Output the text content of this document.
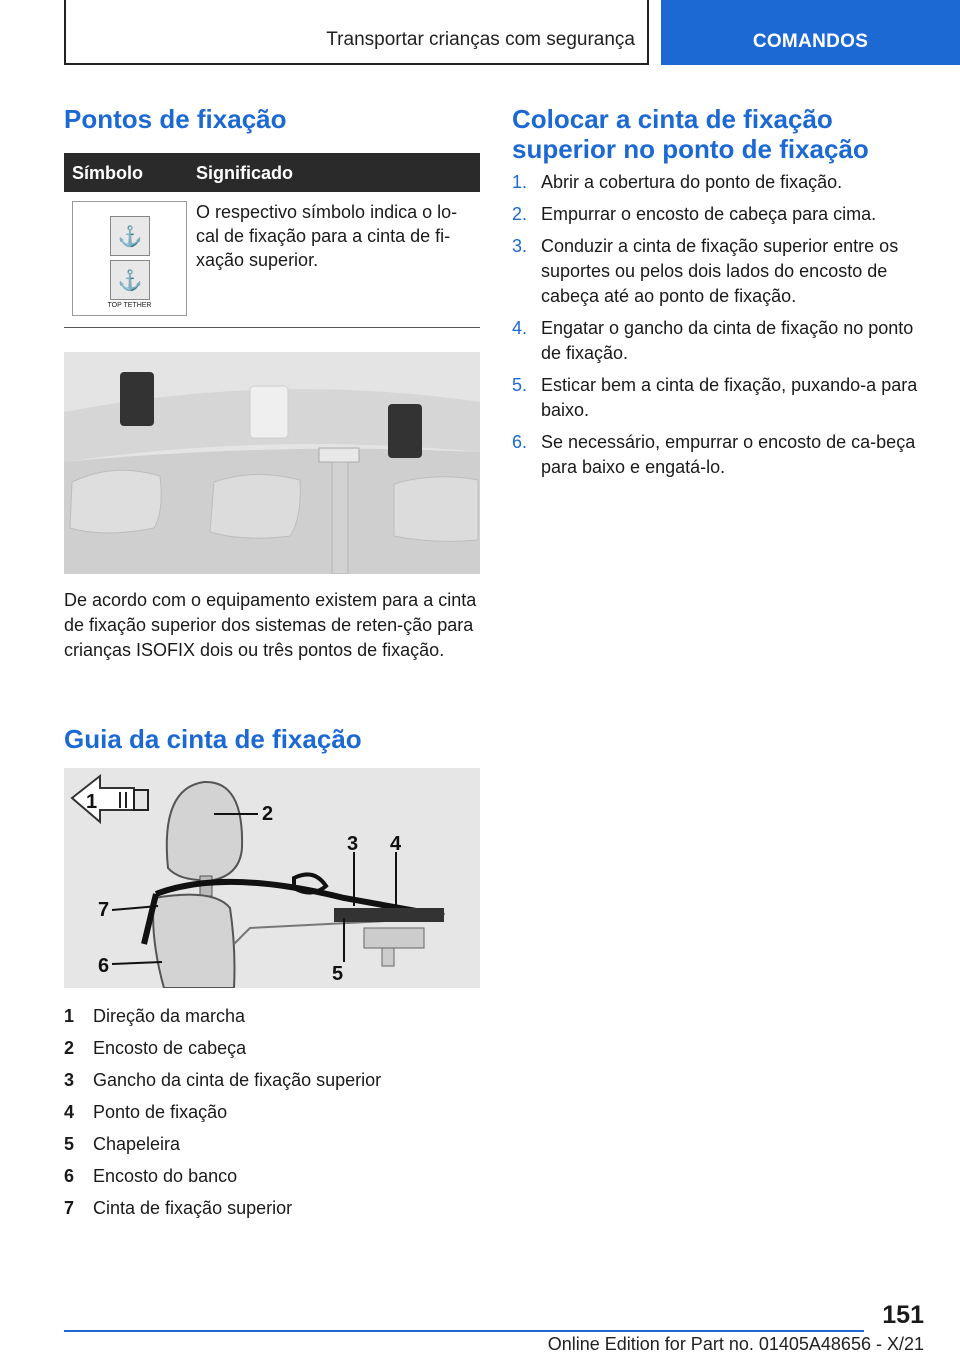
Transportar crianças com segurança	COMANDOS
Pontos de fixação
Símbolo	Significado
⚓
⚓
TOP TETHER
O respectivo símbolo indica o lo-cal de fixação para a cinta de fi-xação superior.
De acordo com o equipamento existem para a cinta de fixação superior dos sistemas de reten-ção para crianças ISOFIX dois ou três pontos de fixação.
Guia da cinta de fixação
1
2
3 4
5
6
7
1	Direção da marcha
2	Encosto de cabeça
3	Gancho da cinta de fixação superior
4	Ponto de fixação
5	Chapeleira
6	Encosto do banco
7	Cinta de fixação superior
Colocar a cinta de fixação
superior no ponto de fixação
1. Abrir a cobertura do ponto de fixação.
2. Empurrar o encosto de cabeça para cima.
3. Conduzir a cinta de fixação superior entre os suportes ou pelos dois lados do encosto de cabeça até ao ponto de fixação.
4. Engatar o gancho da cinta de fixação no ponto de fixação.
5. Esticar bem a cinta de fixação, puxando-a para baixo.
6. Se necessário, empurrar o encosto de ca-beça para baixo e engatá-lo.
151
Online Edition for Part no. 01405A48656 - X/21
